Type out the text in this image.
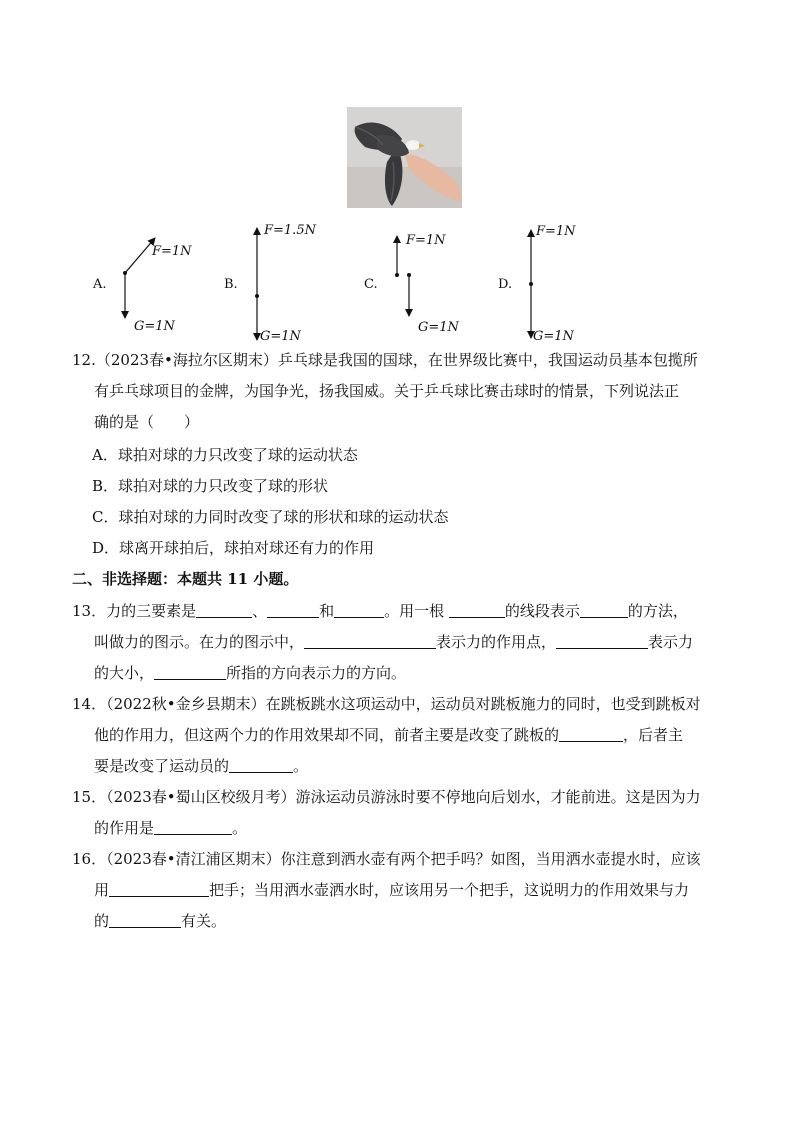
A.
F=1N
G=1N
B.
F=1.5N
G=1N
C.
F=1N
G=1N
D.
F=1N
G=1N
12.（2023春•海拉尔区期末）乒乓球是我国的国球，在世界级比赛中，我国运动员基本包揽所
有乒乓球项目的金牌，为国争光，扬我国威。关于乒乓球比赛击球时的情景，下列说法正
确的是（　　）
A．球拍对球的力只改变了球的运动状态
B．球拍对球的力只改变了球的形状
C．球拍对球的力同时改变了球的形状和球的运动状态
D．球离开球拍后，球拍对球还有力的作用
二、非选择题：本题共 11 小题。
13．力的三要素是	、	和	。用一根	的线段表示	的方法，
叫做力的图示。在力的图示中，	表示力的作用点，	表示力
的大小，	所指的方向表示力的方向。
14．（2022秋•金乡县期末）在跳板跳水这项运动中，运动员对跳板施力的同时，也受到跳板对
他的作用力，但这两个力的作用效果却不同，前者主要是改变了跳板的	，后者主
要是改变了运动员的	。
15．（2023春•蜀山区校级月考）游泳运动员游泳时要不停地向后划水，才能前进。这是因为力
的作用是	。
16．（2023春•清江浦区期末）你注意到洒水壶有两个把手吗？如图，当用洒水壶提水时，应该
用	把手；当用洒水壶洒水时，应该用另一个把手，这说明力的作用效果与力
的	有关。
